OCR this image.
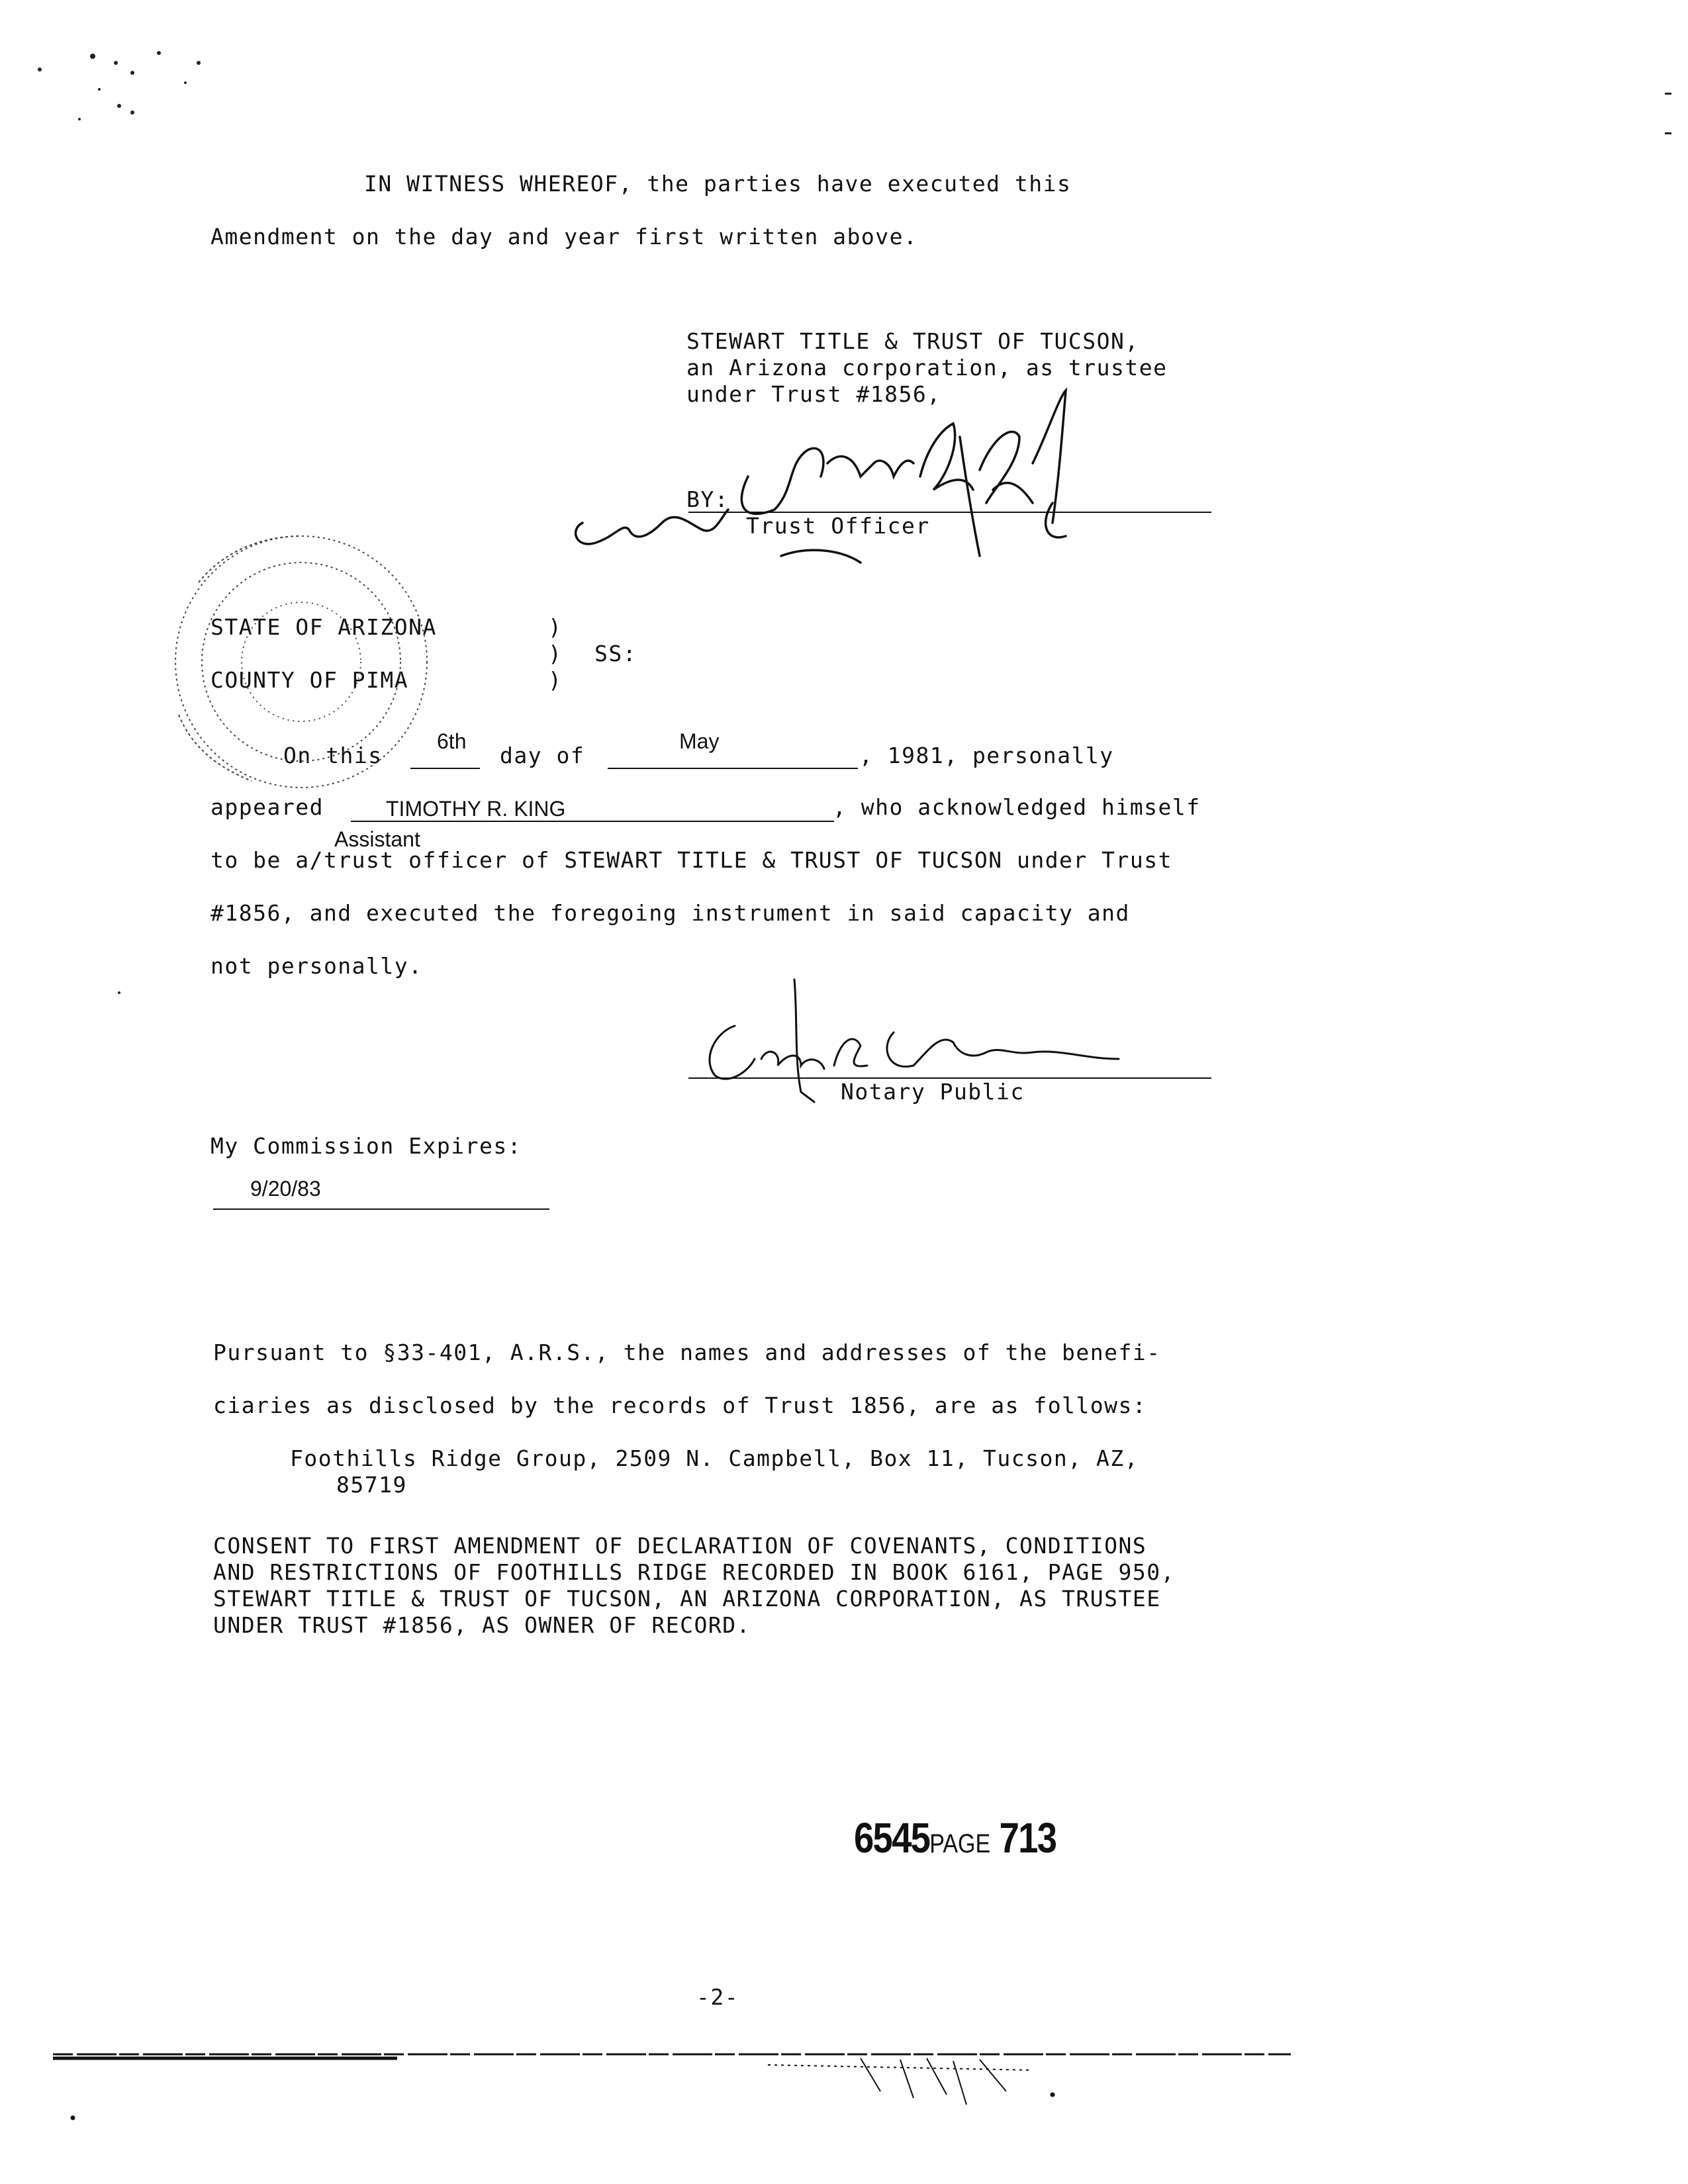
IN WITNESS WHEREOF, the parties have executed this
Amendment on the day and year first written above.
STEWART TITLE & TRUST OF TUCSON,
an Arizona corporation, as trustee
under Trust #1856,
BY:
Trust Officer
STATE OF ARIZONA
COUNTY OF PIMA
)
)
)
SS:
On this
6th
day of
May
, 1981, personally
appeared	TIMOTHY R. KING	, who acknowledged himself
Assistant
to be a/trust officer of STEWART TITLE & TRUST OF TUCSON under Trust
#1856, and executed the foregoing instrument in said capacity and
not personally.
Notary Public
My Commission Expires:
9/20/83
Pursuant to §33-401, A.R.S., the names and addresses of the benefi-
ciaries as disclosed by the records of Trust 1856, are as follows:
Foothills Ridge Group, 2509 N. Campbell, Box 11, Tucson, AZ,
85719
CONSENT TO FIRST AMENDMENT OF DECLARATION OF COVENANTS, CONDITIONS
AND RESTRICTIONS OF FOOTHILLS RIDGE RECORDED IN BOOK 6161, PAGE 950,
STEWART TITLE & TRUST OF TUCSON, AN ARIZONA CORPORATION, AS TRUSTEE
UNDER TRUST #1856, AS OWNER OF RECORD.
6545PAGE 713
-2-
